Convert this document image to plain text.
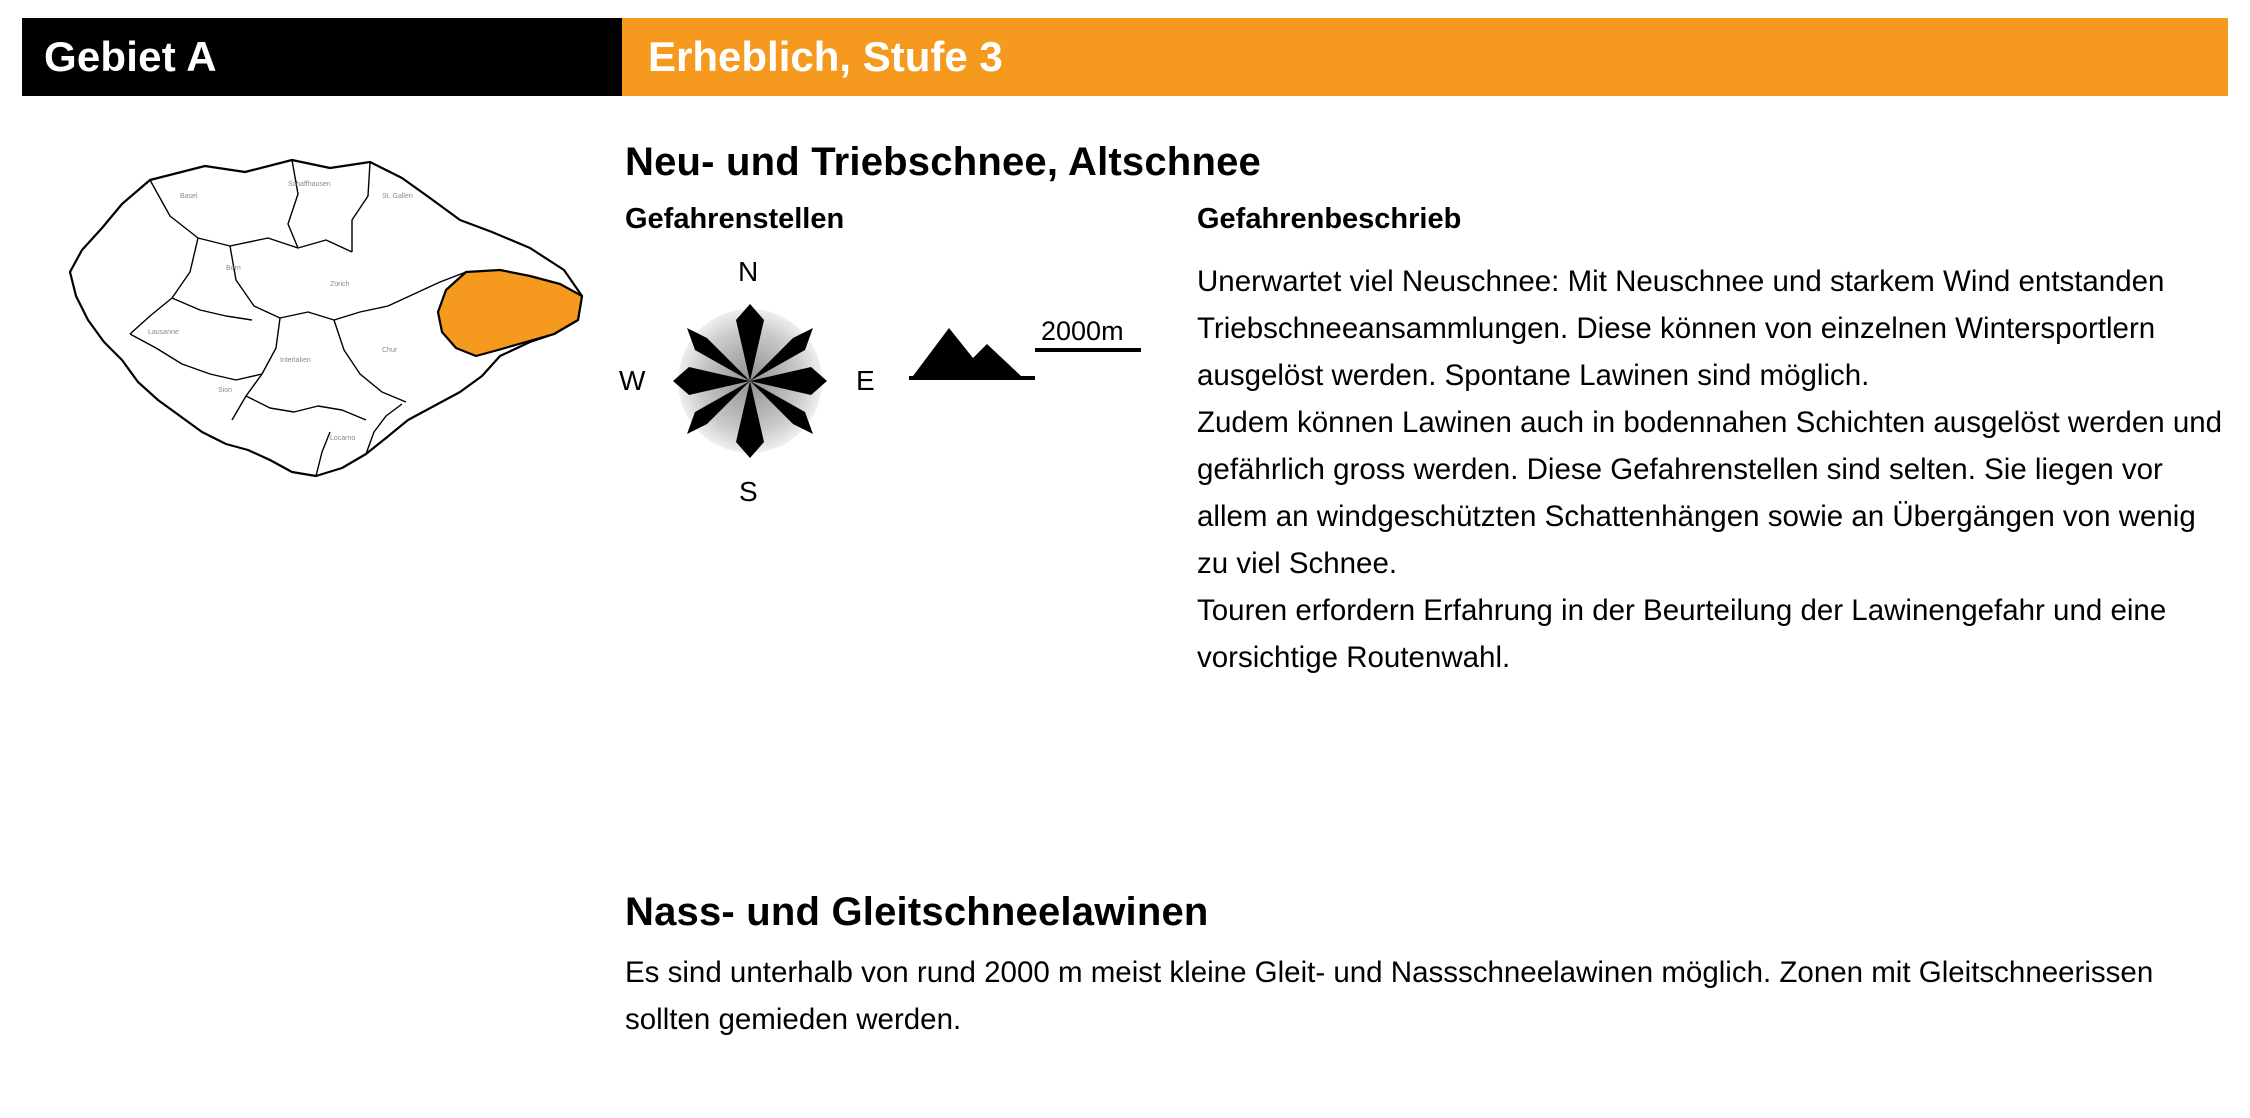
Gebiet A	Erheblich, Stufe 3
Basel
Schaffhausen
St. Gallen
Bern
Zürich
Interlaken
Chur
Sion
Locarno
Lausanne
Neu- und Triebschnee, Altschnee
Gefahrenstellen
N
E
S
W
2000m
Gefahrenbeschrieb

Unerwartet viel Neuschnee: Mit Neuschnee und starkem Wind entstanden Triebschneeansammlungen. Diese können von einzelnen Wintersportlern ausgelöst werden. Spontane Lawinen sind möglich.

Zudem können Lawinen auch in bodennahen Schichten ausgelöst werden und gefährlich gross werden. Diese Gefahrenstellen sind selten. Sie liegen vor allem an windgeschützten Schattenhängen sowie an Übergängen von wenig zu viel Schnee.

Touren erfordern Erfahrung in der Beurteilung der Lawinengefahr und eine vorsichtige Routenwahl.

Nass- und Gleitschneelawinen

Es sind unterhalb von rund 2000 m meist kleine Gleit- und Nassschneelawinen möglich. Zonen mit Gleitschneerissen sollten gemieden werden.
